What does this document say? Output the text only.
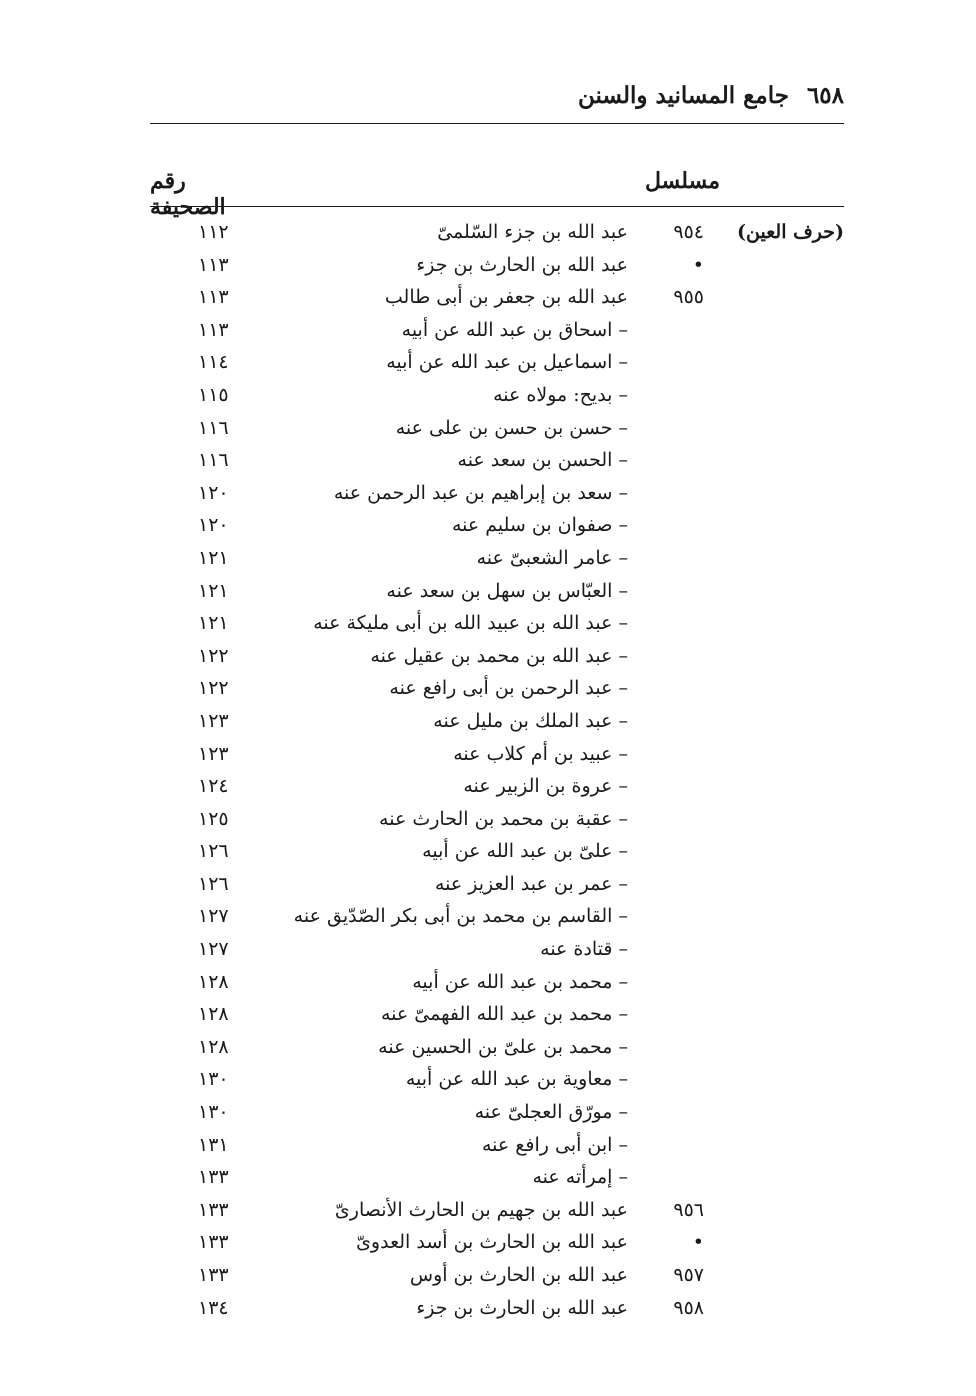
٦٥٨
جامع المسانيد والسنن
مسلسل
رقم الصحيفة
(حرف العين)
٩٥٤
عبد الله بن جزء السّلمىّ
١١٢
•
عبد الله بن الحارث بن جزء
١١٣
٩٥٥
عبد الله بن جعفر بن أبى طالب
١١٣
– اسحاق بن عبد الله عن أبيه
١١٣
– اسماعيل بن عبد الله عن أبيه
١١٤
– بديح: مولاه عنه
١١٥
– حسن بن حسن بن على عنه
١١٦
– الحسن بن سعد عنه
١١٦
– سعد بن إبراهيم بن عبد الرحمن عنه
١٢٠
– صفوان بن سليم عنه
١٢٠
– عامر الشعبىّ عنه
١٢١
– العبّاس بن سهل بن سعد عنه
١٢١
– عبد الله بن عبيد الله بن أبى مليكة عنه
١٢١
– عبد الله بن محمد بن عقيل عنه
١٢٢
– عبد الرحمن بن أبى رافع عنه
١٢٢
– عبد الملك بن مليل عنه
١٢٣
– عبيد بن أم كلاب عنه
١٢٣
– عروة بن الزبير عنه
١٢٤
– عقبة بن محمد بن الحارث عنه
١٢٥
– علىّ بن عبد الله عن أبيه
١٢٦
– عمر بن عبد العزيز عنه
١٢٦
– القاسم بن محمد بن أبى بكر الصّدّيق عنه
١٢٧
– قتادة عنه
١٢٧
– محمد بن عبد الله عن أبيه
١٢٨
– محمد بن عبد الله الفهمىّ عنه
١٢٨
– محمد بن علىّ بن الحسين عنه
١٢٨
– معاوية بن عبد الله عن أبيه
١٣٠
– مورّق العجلىّ عنه
١٣٠
– ابن أبى رافع عنه
١٣١
– إمرأته عنه
١٣٣
٩٥٦
عبد الله بن جهيم بن الحارث الأنصارىّ
١٣٣
•
عبد الله بن الحارث بن أسد العدوىّ
١٣٣
٩٥٧
عبد الله بن الحارث بن أوس
١٣٣
٩٥٨
عبد الله بن الحارث بن جزء
١٣٤
